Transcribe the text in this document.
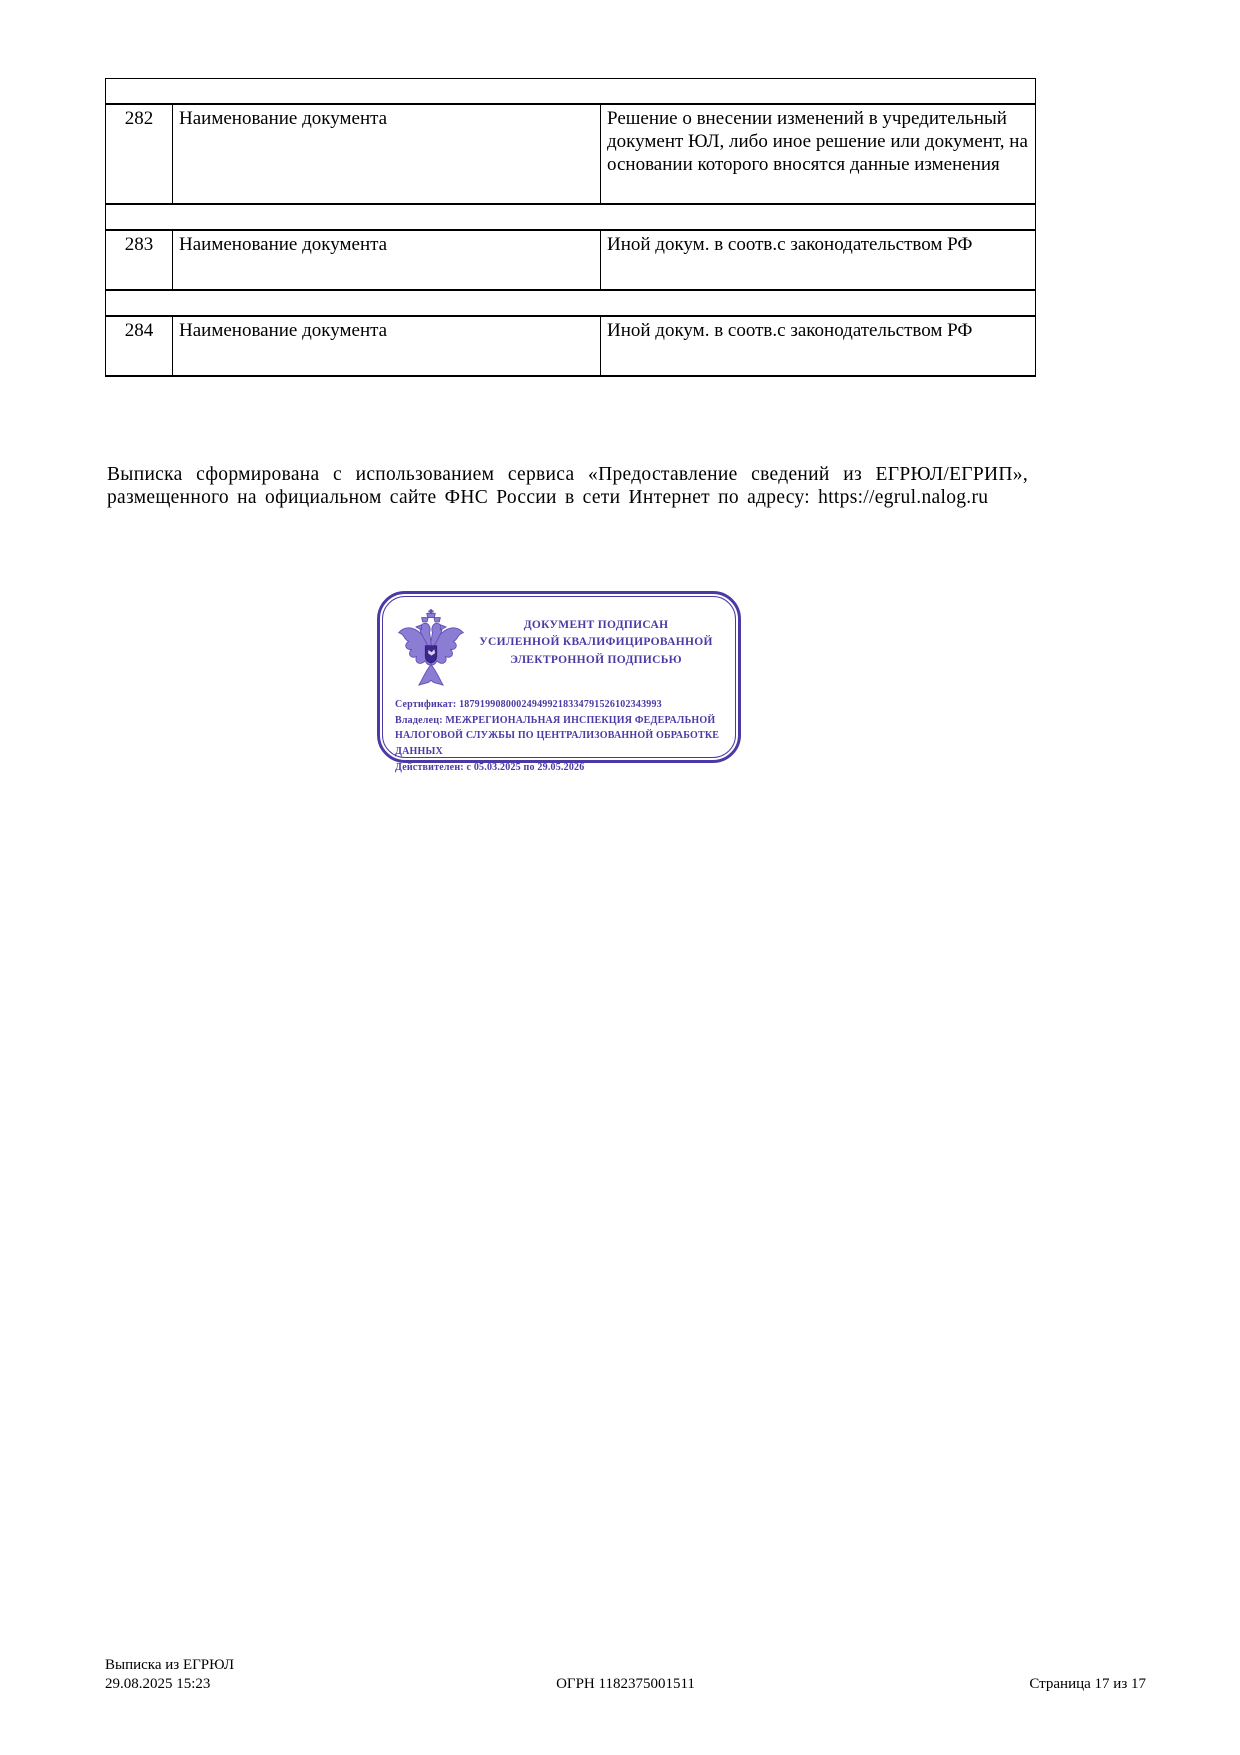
282	Наименование документа	Решение о внесении изменений в учредительный документ ЮЛ, либо иное решение или документ, на основании которого вносятся данные изменения

283	Наименование документа	Иной докум. в соотв.с законодательством РФ

284	Наименование документа	Иной докум. в соотв.с законодательством РФ
Выписка сформирована с использованием сервиса «Предоставление сведений из ЕГРЮЛ/ЕГРИП», размещенного на официальном сайте ФНС России в сети Интернет по адресу: https://egrul.nalog.ru
ДОКУМЕНТ ПОДПИСАН
УСИЛЕННОЙ КВАЛИФИЦИРОВАННОЙ
ЭЛЕКТРОННОЙ ПОДПИСЬЮ
Сертификат: 187919908000249499218334791526102343993
Владелец: МЕЖРЕГИОНАЛЬНАЯ ИНСПЕКЦИЯ ФЕДЕРАЛЬНОЙ НАЛОГОВОЙ СЛУЖБЫ ПО ЦЕНТРАЛИЗОВАННОЙ ОБРАБОТКЕ ДАННЫХ
Действителен: с 05.03.2025 по 29.05.2026
Выписка из ЕГРЮЛ
29.08.2025 15:23	ОГРН 1182375001511	Страница 17 из 17
